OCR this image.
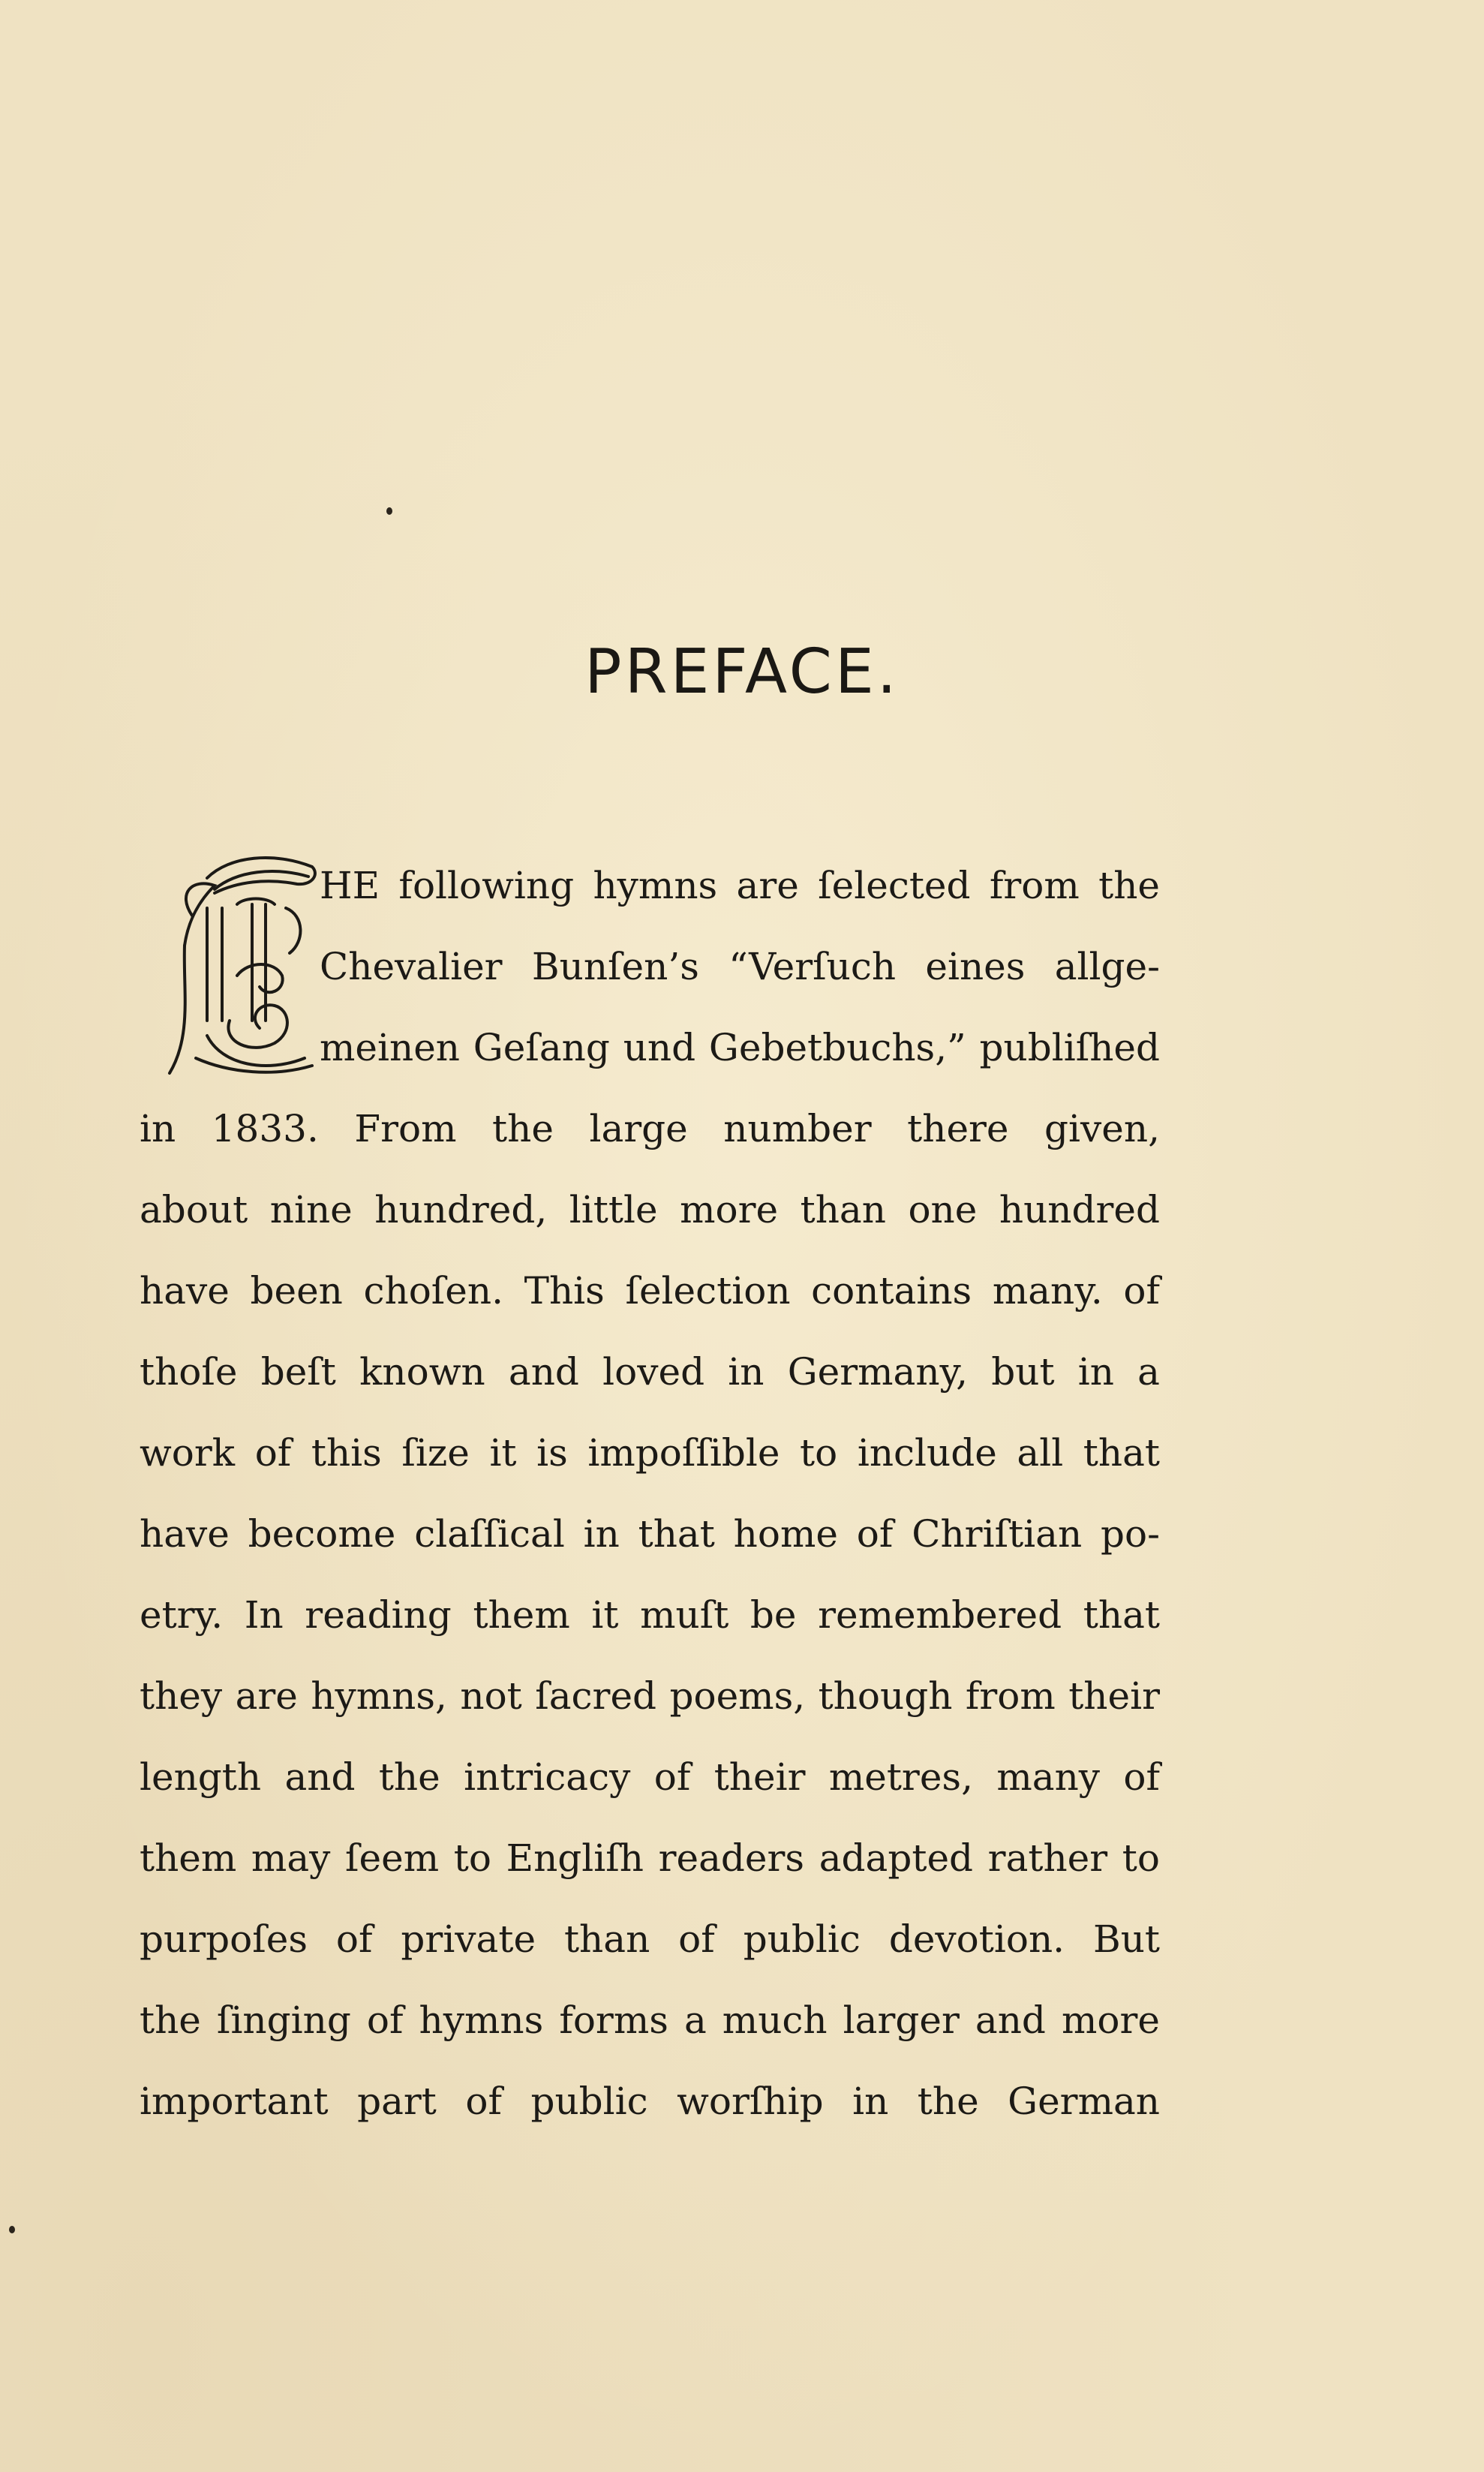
PREFACE.
HE following hymns are ſelected from the
Chevalier Bunſen’s “Verſuch eines allge-
meinen Geſang und Gebetbuchs,” publiſhed
in 1833. From the large number there given,
about nine hundred, little more than one hundred
have been choſen. This ſelection contains many. of
thoſe beſt known and loved in Germany, but in a
work of this ſize it is impoſſible to include all that
have become claſſical in that home of Chriſtian po-
etry. In reading them it muſt be remembered that
they are hymns, not ſacred poems, though from their
length and the intricacy of their metres, many of
them may ſeem to Engliſh readers adapted rather to
purpoſes of private than of public devotion. But
the ſinging of hymns forms a much larger and more
important part of public worſhip in the German
